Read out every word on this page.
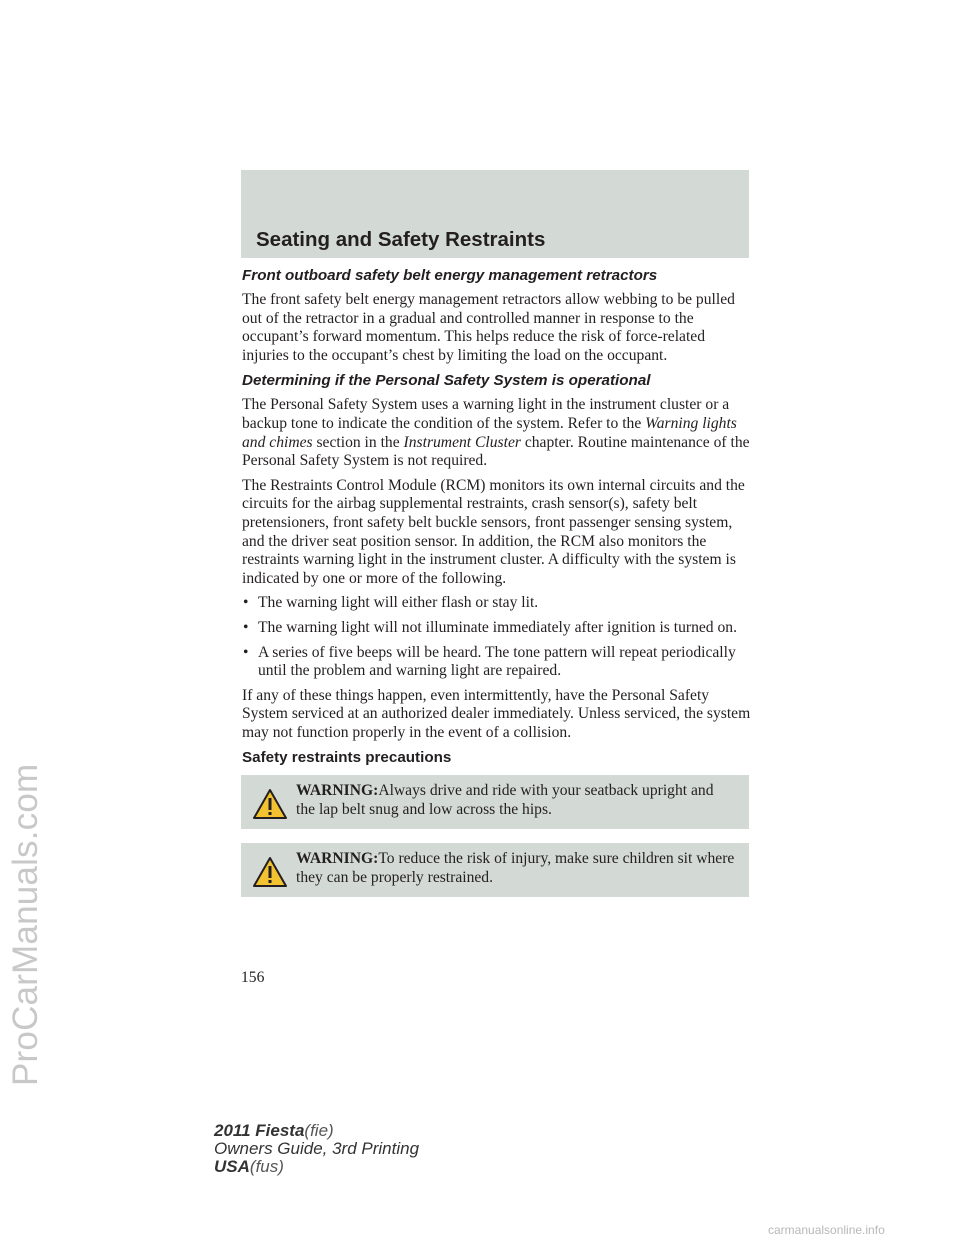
ProCarManuals.com
Seating and Safety Restraints
Front outboard safety belt energy management retractors

The front safety belt energy management retractors allow webbing to be pulled out of the retractor in a gradual and controlled manner in response to the occupant’s forward momentum. This helps reduce the risk of force-related injuries to the occupant’s chest by limiting the load on the occupant.

Determining if the Personal Safety System is operational

The Personal Safety System uses a warning light in the instrument cluster or a backup tone to indicate the condition of the system. Refer to the Warning lights and chimes section in the Instrument Cluster chapter. Routine maintenance of the Personal Safety System is not required.

The Restraints Control Module (RCM) monitors its own internal circuits and the circuits for the airbag supplemental restraints, crash sensor(s), safety belt pretensioners, front safety belt buckle sensors, front passenger sensing system, and the driver seat position sensor. In addition, the RCM also monitors the restraints warning light in the instrument cluster. A difficulty with the system is indicated by one or more of the following.

• The warning light will either flash or stay lit.
• The warning light will not illuminate immediately after ignition is turned on.
• A series of five beeps will be heard. The tone pattern will repeat periodically until the problem and warning light are repaired.

If any of these things happen, even intermittently, have the Personal Safety System serviced at an authorized dealer immediately. Unless serviced, the system may not function properly in the event of a collision.

Safety restraints precautions
WARNING:Always drive and ride with your seatback upright and the lap belt snug and low across the hips.
WARNING:To reduce the risk of injury, make sure children sit where they can be properly restrained.
156
2011 Fiesta(fie)
Owners Guide, 3rd Printing
USA(fus)
carmanualsonline.info
